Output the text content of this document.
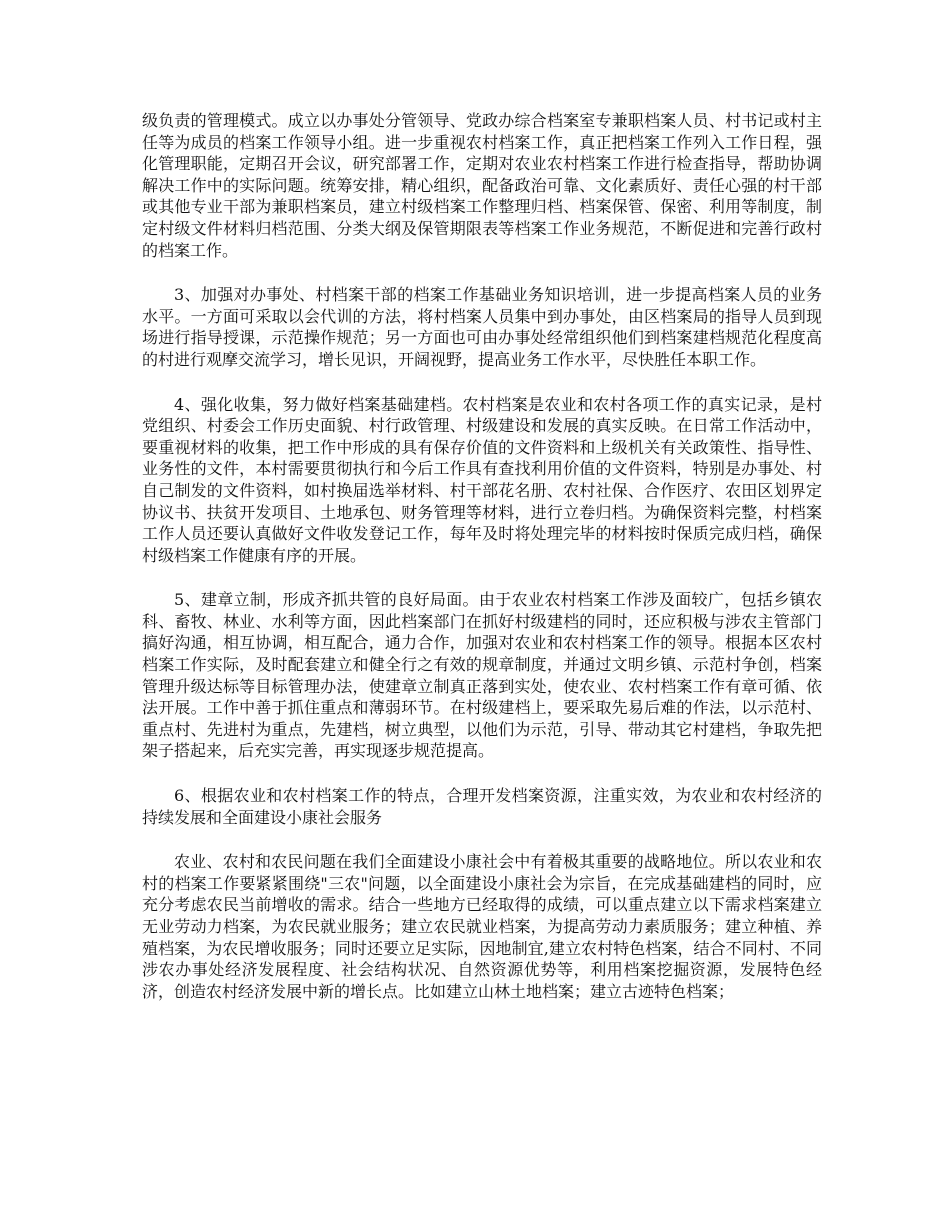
级负责的管理模式。成立以办事处分管领导、党政办综合档案室专兼职档案人员、村书记或村主任等为成员的档案工作领导小组。进一步重视农村档案工作，真正把档案工作列入工作日程，强化管理职能，定期召开会议，研究部署工作，定期对农业农村档案工作进行检查指导，帮助协调解决工作中的实际问题。统筹安排，精心组织，配备政治可靠、文化素质好、责任心强的村干部或其他专业干部为兼职档案员，建立村级档案工作整理归档、档案保管、保密、利用等制度，制定村级文件材料归档范围、分类大纲及保管期限表等档案工作业务规范，不断促进和完善行政村的档案工作。

3、加强对办事处、村档案干部的档案工作基础业务知识培训，进一步提高档案人员的业务水平。一方面可采取以会代训的方法，将村档案人员集中到办事处，由区档案局的指导人员到现场进行指导授课，示范操作规范；另一方面也可由办事处经常组织他们到档案建档规范化程度高的村进行观摩交流学习，增长见识，开阔视野，提高业务工作水平，尽快胜任本职工作。

4、强化收集，努力做好档案基础建档。农村档案是农业和农村各项工作的真实记录，是村党组织、村委会工作历史面貌、村行政管理、村级建设和发展的真实反映。在日常工作活动中，要重视材料的收集，把工作中形成的具有保存价值的文件资料和上级机关有关政策性、指导性、业务性的文件，本村需要贯彻执行和今后工作具有查找利用价值的文件资料，特别是办事处、村自己制发的文件资料，如村换届选举材料、村干部花名册、农村社保、合作医疗、农田区划界定协议书、扶贫开发项目、土地承包、财务管理等材料，进行立卷归档。为确保资料完整，村档案工作人员还要认真做好文件收发登记工作，每年及时将处理完毕的材料按时保质完成归档，确保村级档案工作健康有序的开展。

5、建章立制，形成齐抓共管的良好局面。由于农业农村档案工作涉及面较广，包括乡镇农科、畜牧、林业、水利等方面，因此档案部门在抓好村级建档的同时，还应积极与涉农主管部门搞好沟通，相互协调，相互配合，通力合作，加强对农业和农村档案工作的领导。根据本区农村档案工作实际，及时配套建立和健全行之有效的规章制度，并通过文明乡镇、示范村争创，档案管理升级达标等目标管理办法，使建章立制真正落到实处，使农业、农村档案工作有章可循、依法开展。工作中善于抓住重点和薄弱环节。在村级建档上，要采取先易后难的作法，以示范村、重点村、先进村为重点，先建档，树立典型，以他们为示范，引导、带动其它村建档，争取先把架子搭起来，后充实完善，再实现逐步规范提高。

6、根据农业和农村档案工作的特点，合理开发档案资源，注重实效，为农业和农村经济的持续发展和全面建设小康社会服务

农业、农村和农民问题在我们全面建设小康社会中有着极其重要的战略地位。所以农业和农村的档案工作要紧紧围绕"三农"问题，以全面建设小康社会为宗旨，在完成基础建档的同时，应充分考虑农民当前增收的需求。结合一些地方已经取得的成绩，可以重点建立以下需求档案建立无业劳动力档案，为农民就业服务；建立农民就业档案，为提高劳动力素质服务；建立种植、养殖档案，为农民增收服务；同时还要立足实际，因地制宜,建立农村特色档案，结合不同村、不同涉农办事处经济发展程度、社会结构状况、自然资源优势等，利用档案挖掘资源，发展特色经济，创造农村经济发展中新的增长点。比如建立山林土地档案；建立古迹特色档案；
